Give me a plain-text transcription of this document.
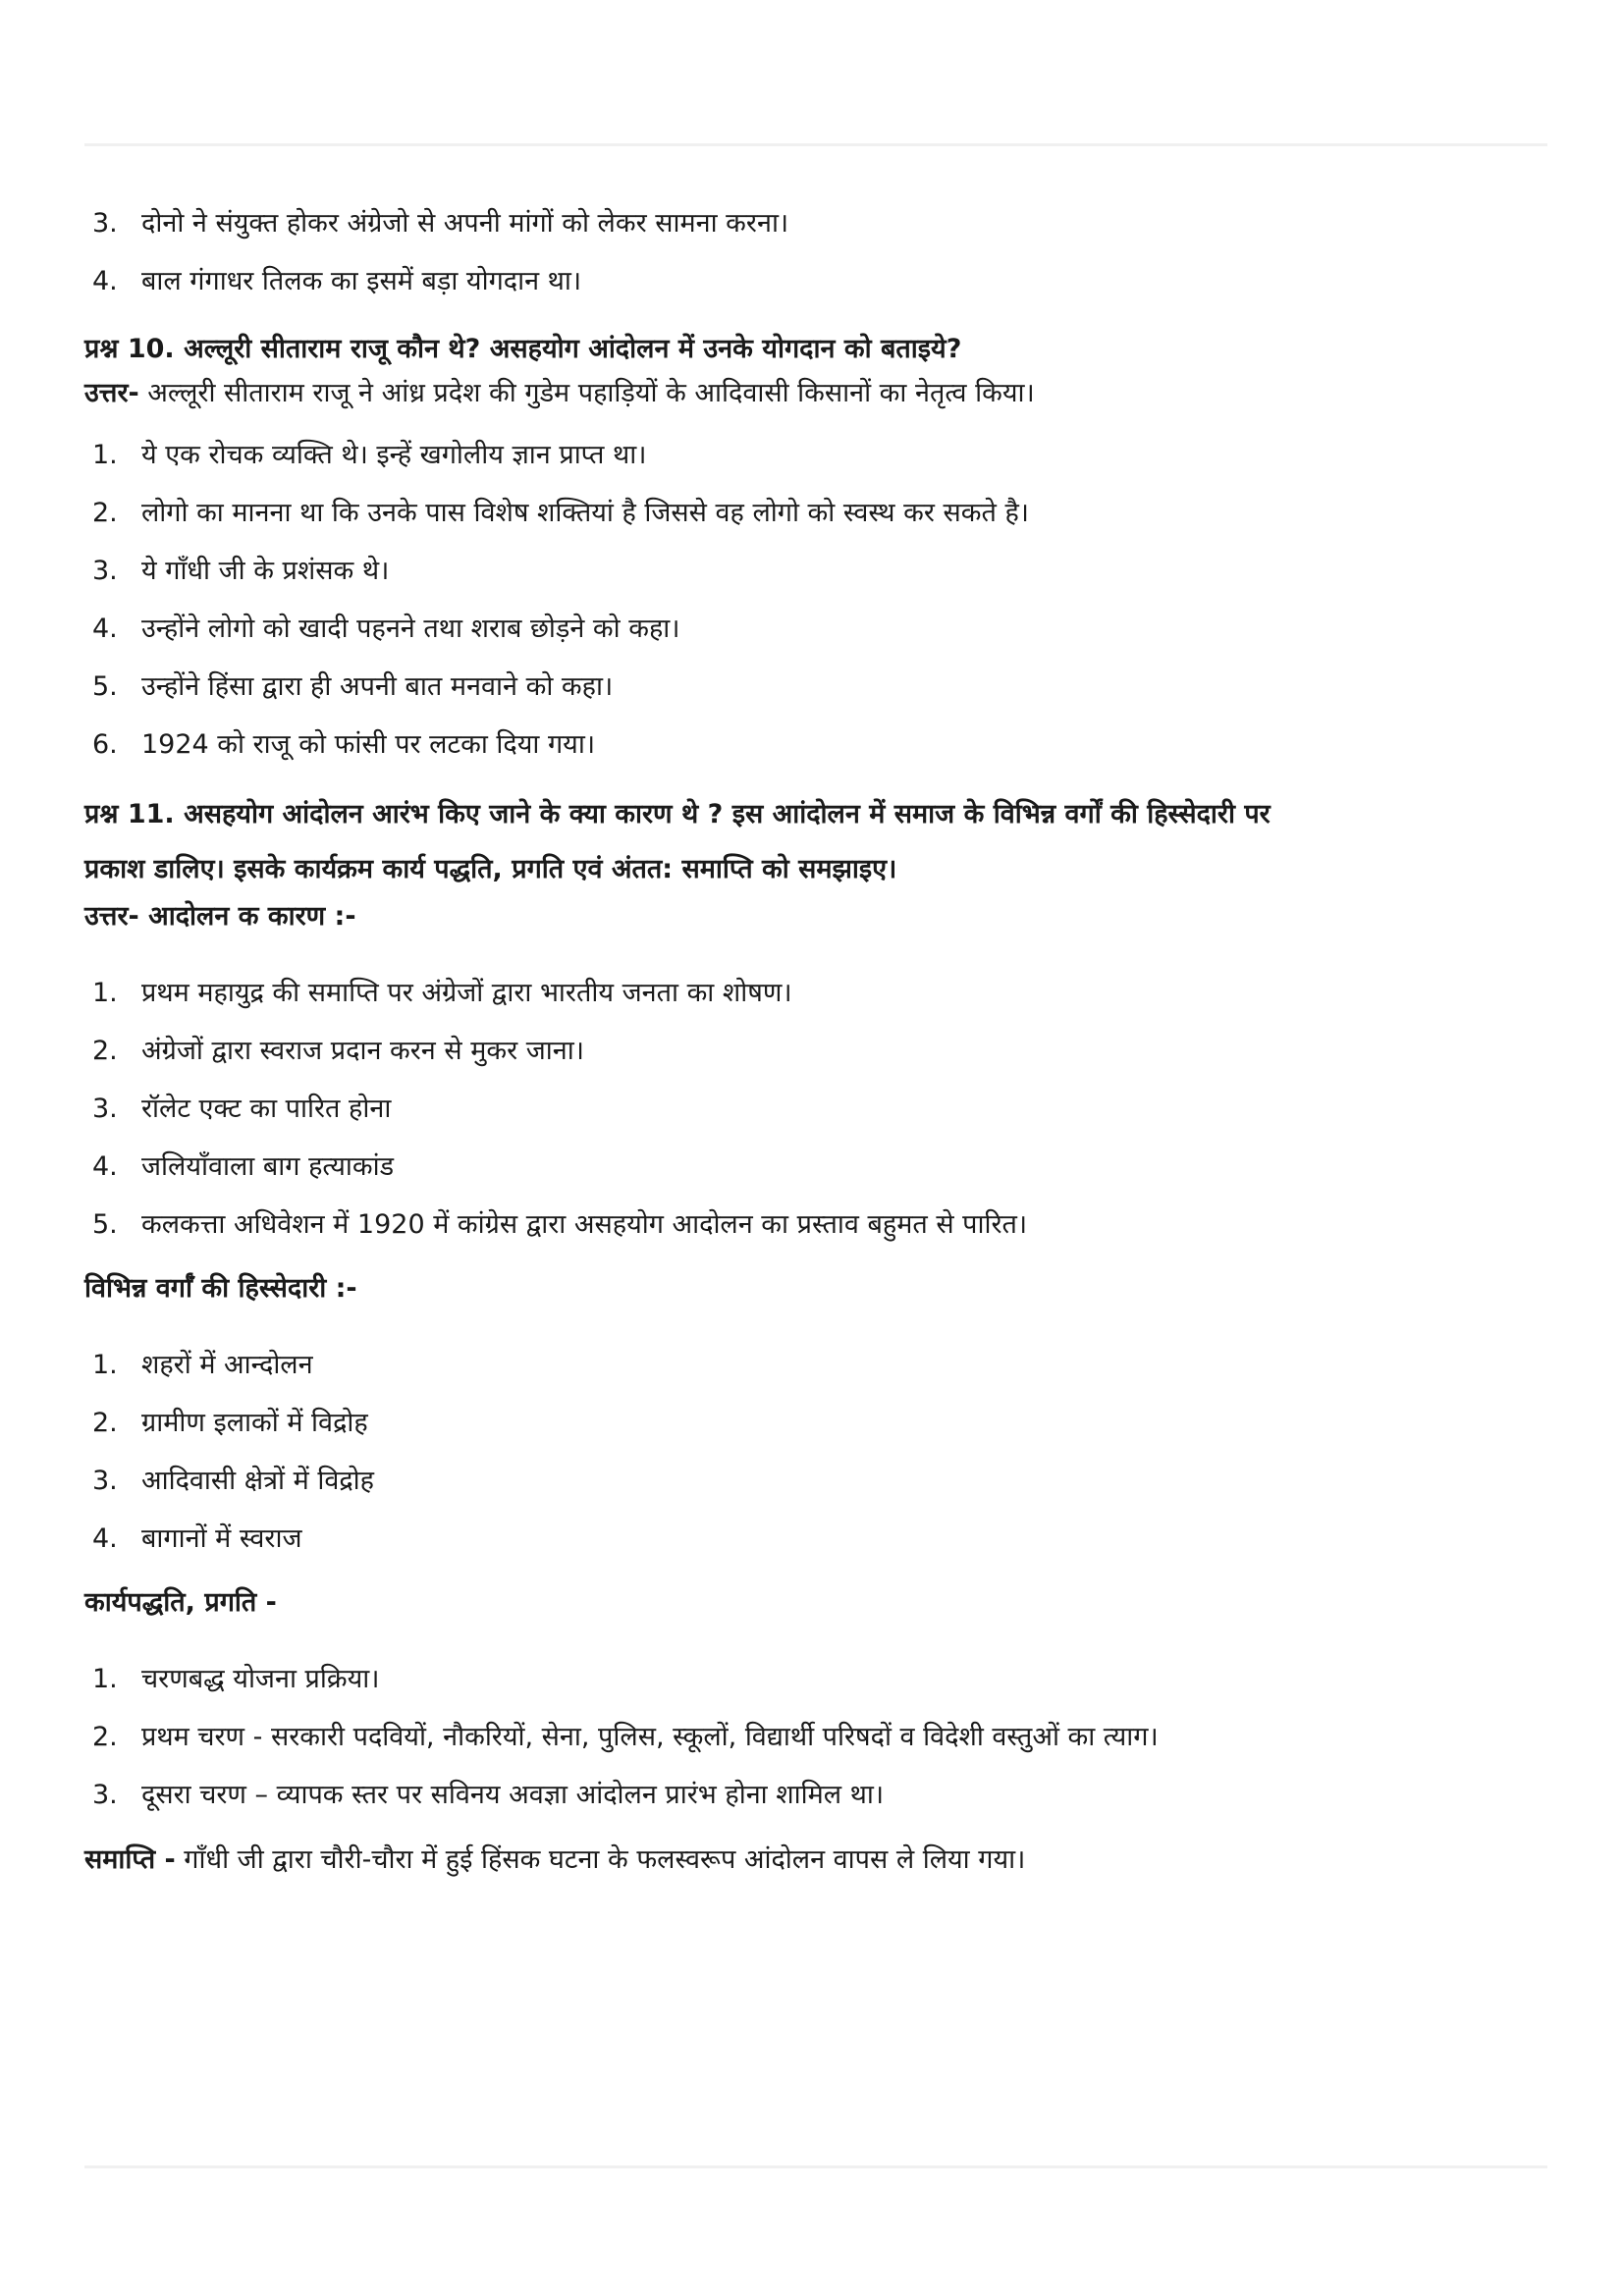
3. दोनो ने संयुक्त होकर अंग्रेजो से अपनी मांगों को लेकर सामना करना।
4. बाल गंगाधर तिलक का इसमें बड़ा योगदान था।
प्रश्न 10. अल्लूरी सीताराम राजू कौन थे? असहयोग आंदोलन में उनके योगदान को बताइये?
उत्तर- अल्लूरी सीताराम राजू ने आंध्र प्रदेश की गुडेम पहाड़ियों के आदिवासी किसानों का नेतृत्व किया।
1. ये एक रोचक व्यक्ति थे। इन्हें खगोलीय ज्ञान प्राप्त था।
2. लोगो का मानना था कि उनके पास विशेष शक्तियां है जिससे वह लोगो को स्वस्थ कर सकते है।
3. ये गाँधी जी के प्रशंसक थे।
4. उन्होंने लोगो को खादी पहनने तथा शराब छोड़ने को कहा।
5. उन्होंने हिंसा द्वारा ही अपनी बात मनवाने को कहा।
6. 1924 को राजू को फांसी पर लटका दिया गया।
प्रश्न 11. असहयोग आंदोलन आरंभ किए जाने के क्या कारण थे ? इस आांदोलन में समाज के विभिन्न वर्गों की हिस्सेदारी पर
प्रकाश डालिए। इसके कार्यक्रम कार्य पद्धति, प्रगति एवं अंतत: समाप्ति को समझाइए।
उत्तर- आदोलन क कारण :-
1. प्रथम महायुद्र की समाप्ति पर अंग्रेजों द्वारा भारतीय जनता का शोषण।
2. अंग्रेजों द्वारा स्वराज प्रदान करन से मुकर जाना।
3. रॉलेट एक्ट का पारित होना
4. जलियाँवाला बाग हत्याकांड
5. कलकत्ता अधिवेशन में 1920 में कांग्रेस द्वारा असहयोग आदोलन का प्रस्ताव बहुमत से पारित।
विभिन्न वर्गाँ की हिस्सेदारी :-
1. शहरों में आन्दोलन
2. ग्रामीण इलाकों में विद्रोह
3. आदिवासी क्षेत्रों में विद्रोह
4. बागानों में स्वराज
कार्यपद्धति, प्रगति -
1. चरणबद्ध योजना प्रक्रिया।
2. प्रथम चरण - सरकारी पदवियों, नौकरियों, सेना, पुलिस, स्कूलों, विद्यार्थी परिषदों व विदेशी वस्तुओं का त्याग।
3. दूसरा चरण – व्यापक स्तर पर सविनय अवज्ञा आंदोलन प्रारंभ होना शामिल था।
समाप्ति - गाँधी जी द्वारा चौरी-चौरा में हुई हिंसक घटना के फलस्वरूप आंदोलन वापस ले लिया गया।
